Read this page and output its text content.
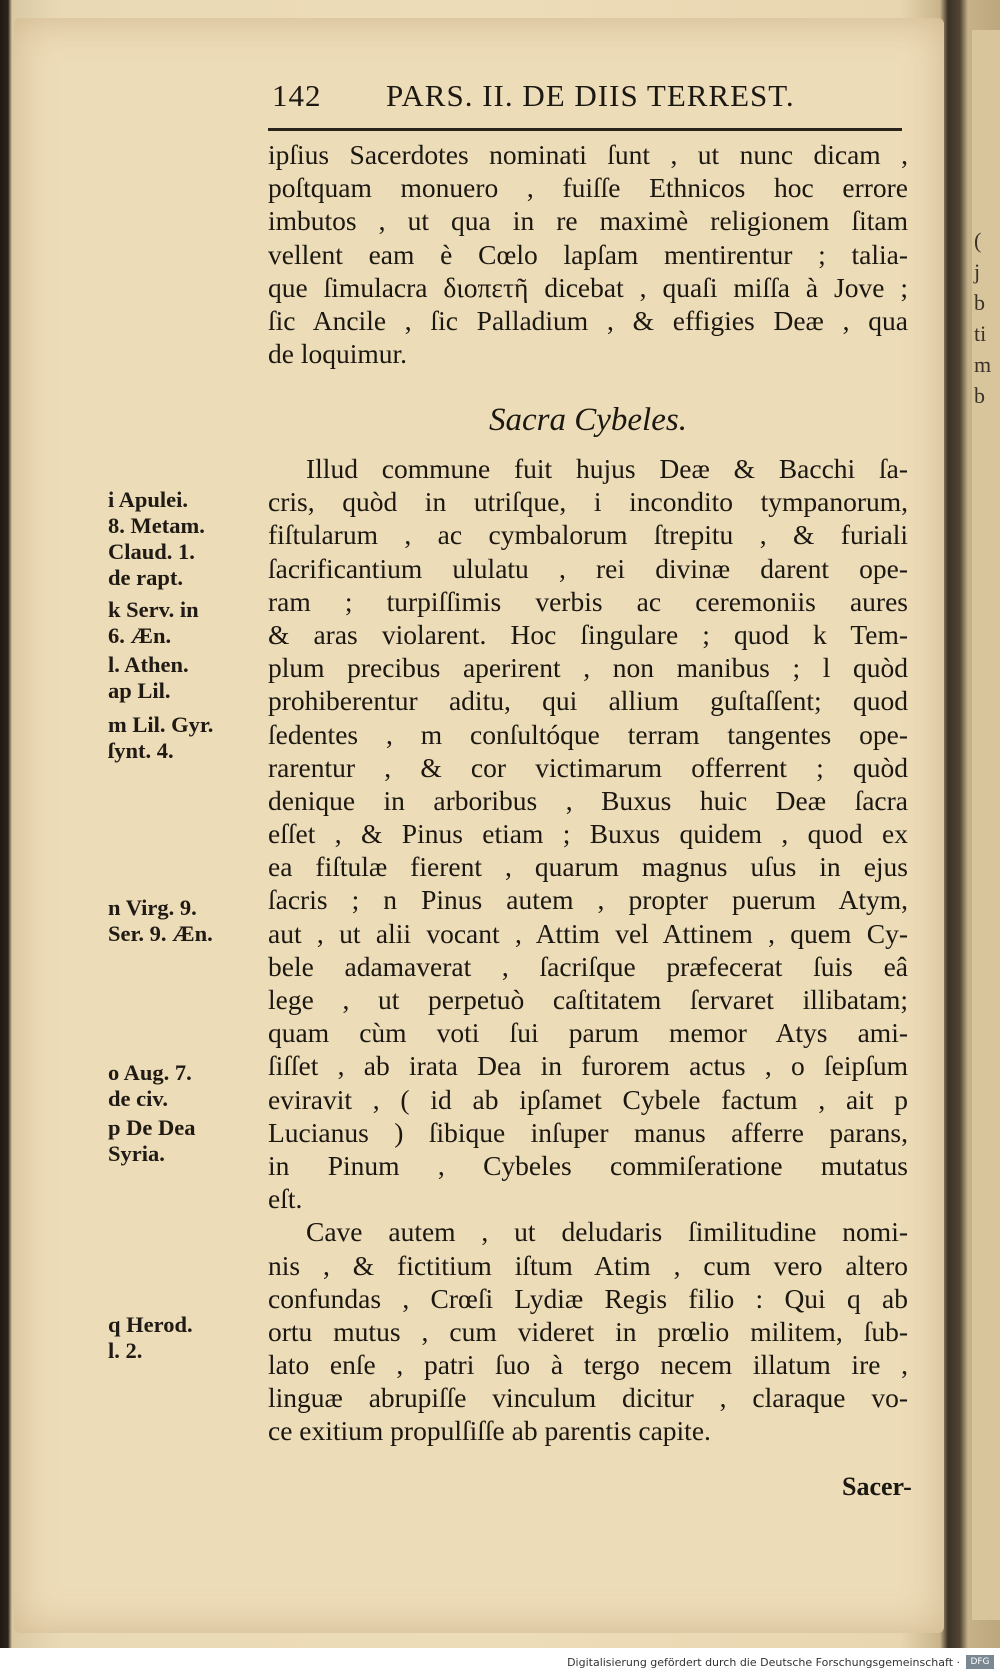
(
j
b
ti
m
b
142 PARS. II. DE DIIS TERREST.
ipſius Sacerdotes nominati ſunt , ut nunc dicam ,
poſtquam monuero , fuiſſe Ethnicos hoc errore
imbutos , ut qua in re maximè religionem ſitam
vellent eam è Cœlo lapſam mentirentur ; talia-
que ſimulacra διοπετῆ dicebat , quaſi miſſa à Jove ;
ſic Ancile , ſic Palladium , & effigies Deæ , qua
de loquimur.
Sacra Cybeles.
Illud commune fuit hujus Deæ & Bacchi ſa-
cris, quòd in utriſque, i incondito tympanorum,
fiſtularum , ac cymbalorum ſtrepitu , & furiali
ſacrificantium ululatu , rei divinæ darent ope-
ram ; turpiſſimis verbis ac ceremoniis aures
& aras violarent. Hoc ſingulare ; quod k Tem-
plum precibus aperirent , non manibus ; l quòd
prohiberentur aditu, qui allium guſtaſſent; quod
ſedentes , m conſultóque terram tangentes ope-
rarentur , & cor victimarum offerrent ; quòd
denique in arboribus , Buxus huic Deæ ſacra
eſſet , & Pinus etiam ; Buxus quidem , quod ex
ea fiſtulæ fierent , quarum magnus uſus in ejus
ſacris ; n Pinus autem , propter puerum Atym,
aut , ut alii vocant , Attim vel Attinem , quem Cy-
bele adamaverat , ſacriſque præfecerat ſuis eâ
lege , ut perpetuò caſtitatem ſervaret illibatam;
quam cùm voti ſui parum memor Atys ami-
ſiſſet , ab irata Dea in furorem actus , o ſeipſum
eviravit , ( id ab ipſamet Cybele factum , ait p
Lucianus ) ſibique inſuper manus afferre parans,
in Pinum , Cybeles commiſeratione mutatus
eſt.
Cave autem , ut deludaris ſimilitudine nomi-
nis , & fictitium iſtum Atim , cum vero altero
confundas , Crœſi Lydiæ Regis filio : Qui q ab
ortu mutus , cum videret in prœlio militem, ſub-
lato enſe , patri ſuo à tergo necem illatum ire ,
linguæ abrupiſſe vinculum dicitur , claraque vo-
ce exitium propulſiſſe ab parentis capite.
i Apulei.
8. Metam.
Claud. 1.
de rapt.
k Serv. in
6. Æn.
l. Athen.
ap Lil.
m Lil. Gyr.
ſynt. 4.
n Virg. 9.
Ser. 9. Æn.
o Aug. 7.
de civ.
p De Dea
Syria.
q Herod.
l. 2.
Sacer-
Digitalisierung gefördert durch die Deutsche Forschungsgemeinschaft ·	DFG
